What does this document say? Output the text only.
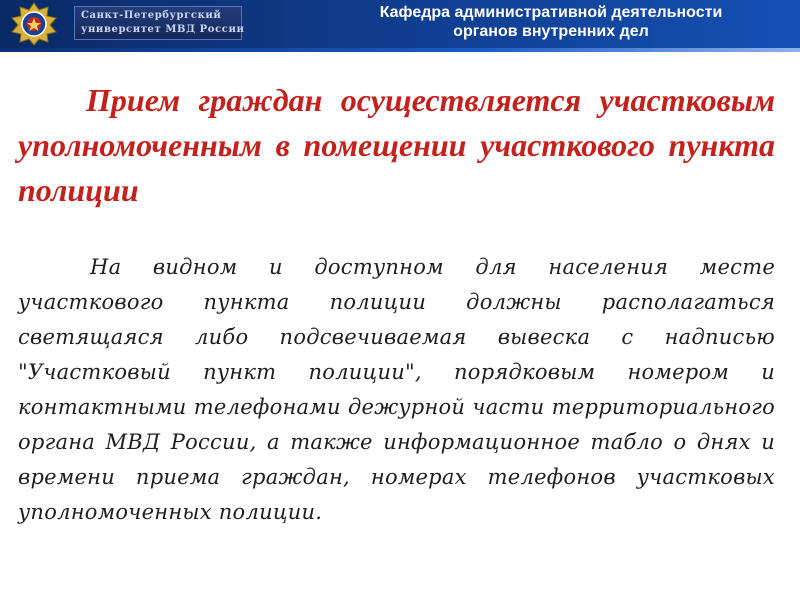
Санкт-Петербургский
университет МВД России
Кафедра административной деятельности
органов внутренних дел

Прием граждан осуществляется участковым уполномоченным в помещении участкового пункта полиции

На видном и доступном для населения месте участкового пункта полиции должны располагаться светящаяся либо подсвечиваемая вывеска с надписью "Участковый пункт полиции", порядковым номером и контактными телефонами дежурной части территориального органа МВД России, а также информационное табло о днях и времени приема граждан, номерах телефонов участковых уполномоченных полиции.
